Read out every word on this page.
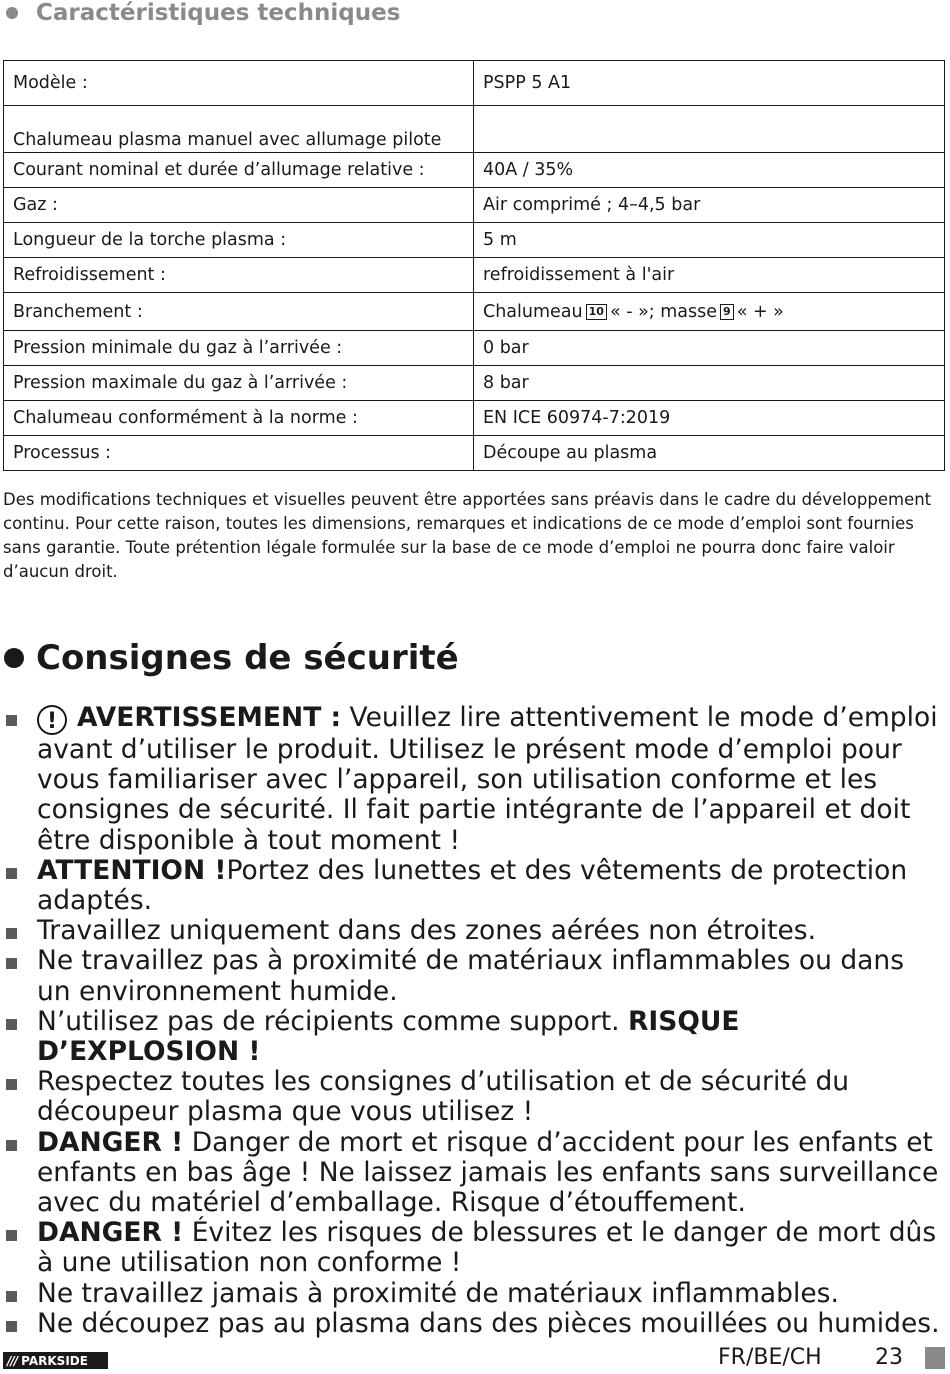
Caractéristiques techniques
Modèle :	PSPP 5 A1
Chalumeau plasma manuel avec allumage pilote	
Courant nominal et durée d’allumage relative :	40A / 35%
Gaz :	Air comprimé ; 4–4,5 bar
Longueur de la torche plasma :	5 m
Refroidissement :	refroidissement à l'air
Branchement :	Chalumeau 10 « - »; masse 9 « + »
Pression minimale du gaz à l’arrivée :	0 bar
Pression maximale du gaz à l’arrivée :	8 bar
Chalumeau conformément à la norme :	EN ICE 60974-7:2019
Processus :	Découpe au plasma

Des modifications techniques et visuelles peuvent être apportées sans préavis dans le cadre du développement continu. Pour cette raison, toutes les dimensions, remarques et indications de ce mode d’emploi sont fournies sans garantie. Toute prétention légale formulée sur la base de ce mode d’emploi ne pourra donc faire valoir d’aucun droit.

Consignes de sécurité
! AVERTISSEMENT : Veuillez lire attentivement le mode d’emploi avant d’utiliser le produit. Utilisez le présent mode d’emploi pour vous familiariser avec l’appareil, son utilisation conforme et les consignes de sécurité. Il fait partie intégrante de l’appareil et doit être disponible à tout moment !
ATTENTION !Portez des lunettes et des vêtements de protection adaptés.
Travaillez uniquement dans des zones aérées non étroites.
Ne travaillez pas à proximité de matériaux inflammables ou dans un environnement humide.
N’utilisez pas de récipients comme support. RISQUE D’EXPLOSION !
Respectez toutes les consignes d’utilisation et de sécurité du découpeur plasma que vous utilisez !
DANGER ! Danger de mort et risque d’accident pour les enfants et enfants en bas âge ! Ne laissez jamais les enfants sans surveillance avec du matériel d’emballage. Risque d’étouffement.
DANGER ! Évitez les risques de blessures et le danger de mort dûs à une utilisation non conforme !
Ne travaillez jamais à proximité de matériaux inflammables.
Ne découpez pas au plasma dans des pièces mouillées ou humides.
/// PARKSIDE	FR/BE/CH 23
